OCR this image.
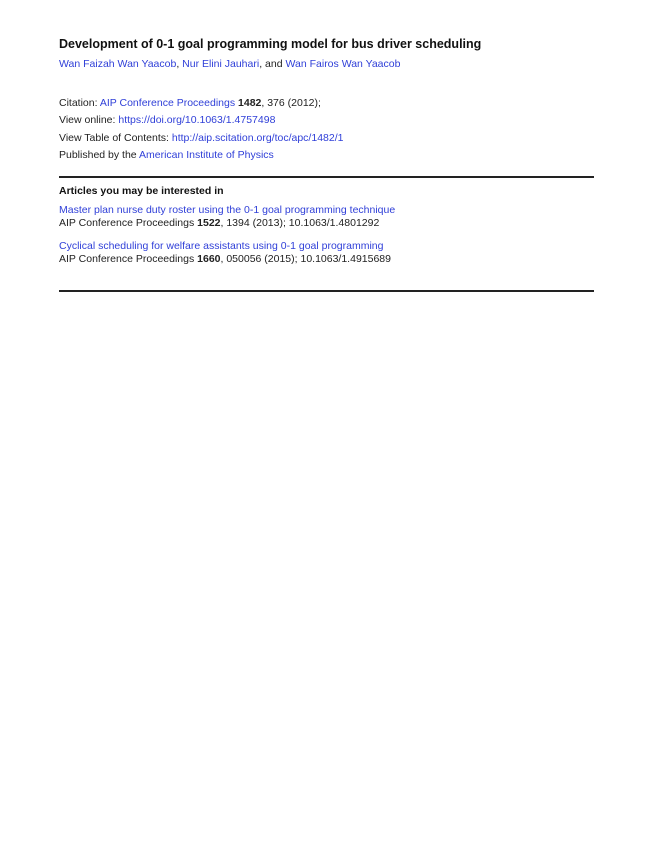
Development of 0-1 goal programming model for bus driver scheduling
Wan Faizah Wan Yaacob, Nur Elini Jauhari, and Wan Fairos Wan Yaacob
Citation: AIP Conference Proceedings 1482, 376 (2012);
View online: https://doi.org/10.1063/1.4757498
View Table of Contents: http://aip.scitation.org/toc/apc/1482/1
Published by the American Institute of Physics
Articles you may be interested in
Master plan nurse duty roster using the 0-1 goal programming technique
AIP Conference Proceedings 1522, 1394 (2013); 10.1063/1.4801292
Cyclical scheduling for welfare assistants using 0-1 goal programming
AIP Conference Proceedings 1660, 050056 (2015); 10.1063/1.4915689
